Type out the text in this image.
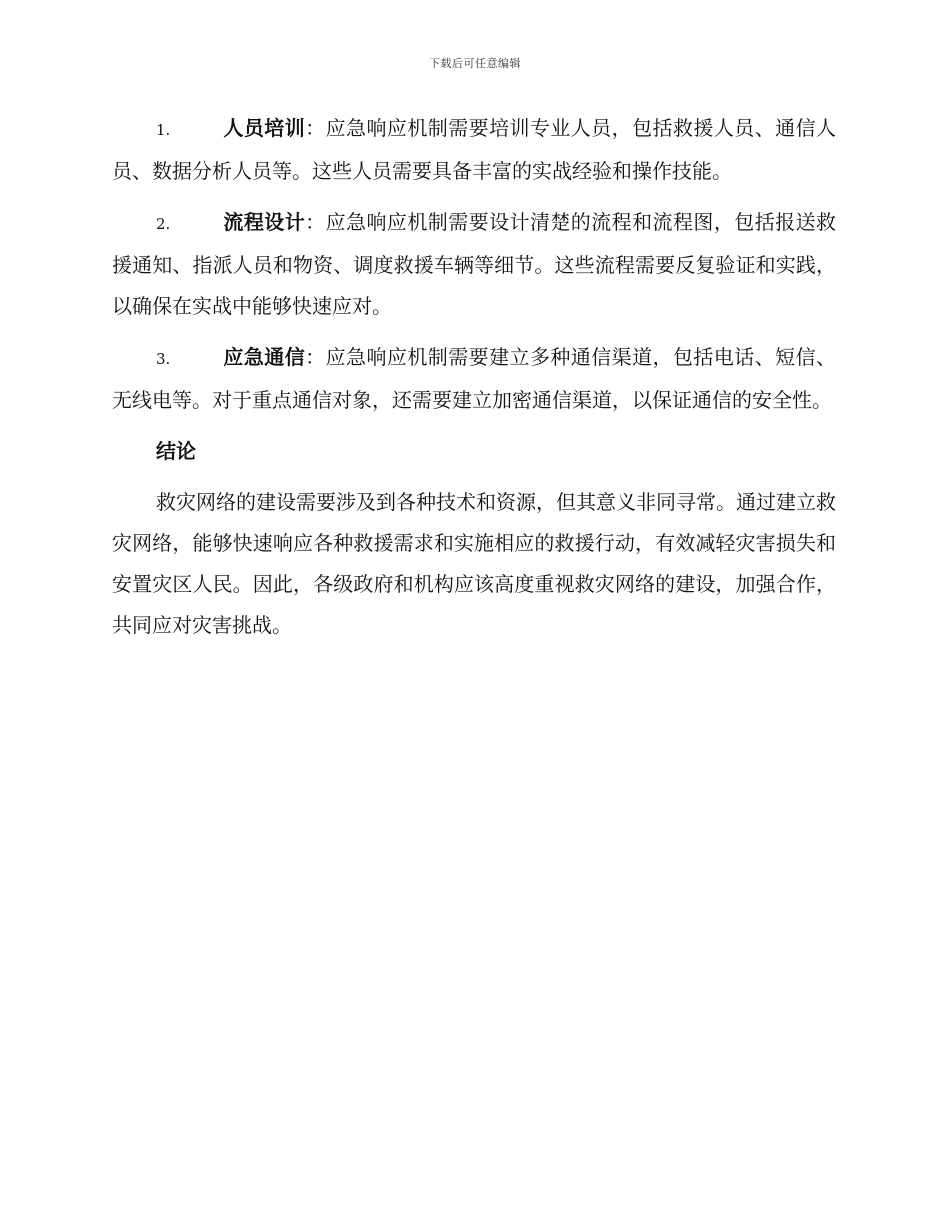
下载后可任意编辑

1.	人员培训：应急响应机制需要培训专业人员，包括救援人员、通信人员、数据分析人员等。这些人员需要具备丰富的实战经验和操作技能。

2.	流程设计：应急响应机制需要设计清楚的流程和流程图，包括报送救援通知、指派人员和物资、调度救援车辆等细节。这些流程需要反复验证和实践，以确保在实战中能够快速应对。

3.	应急通信：应急响应机制需要建立多种通信渠道，包括电话、短信、无线电等。对于重点通信对象，还需要建立加密通信渠道，以保证通信的安全性。

结论

救灾网络的建设需要涉及到各种技术和资源，但其意义非同寻常。通过建立救灾网络，能够快速响应各种救援需求和实施相应的救援行动，有效减轻灾害损失和安置灾区人民。因此，各级政府和机构应该高度重视救灾网络的建设，加强合作，共同应对灾害挑战。
